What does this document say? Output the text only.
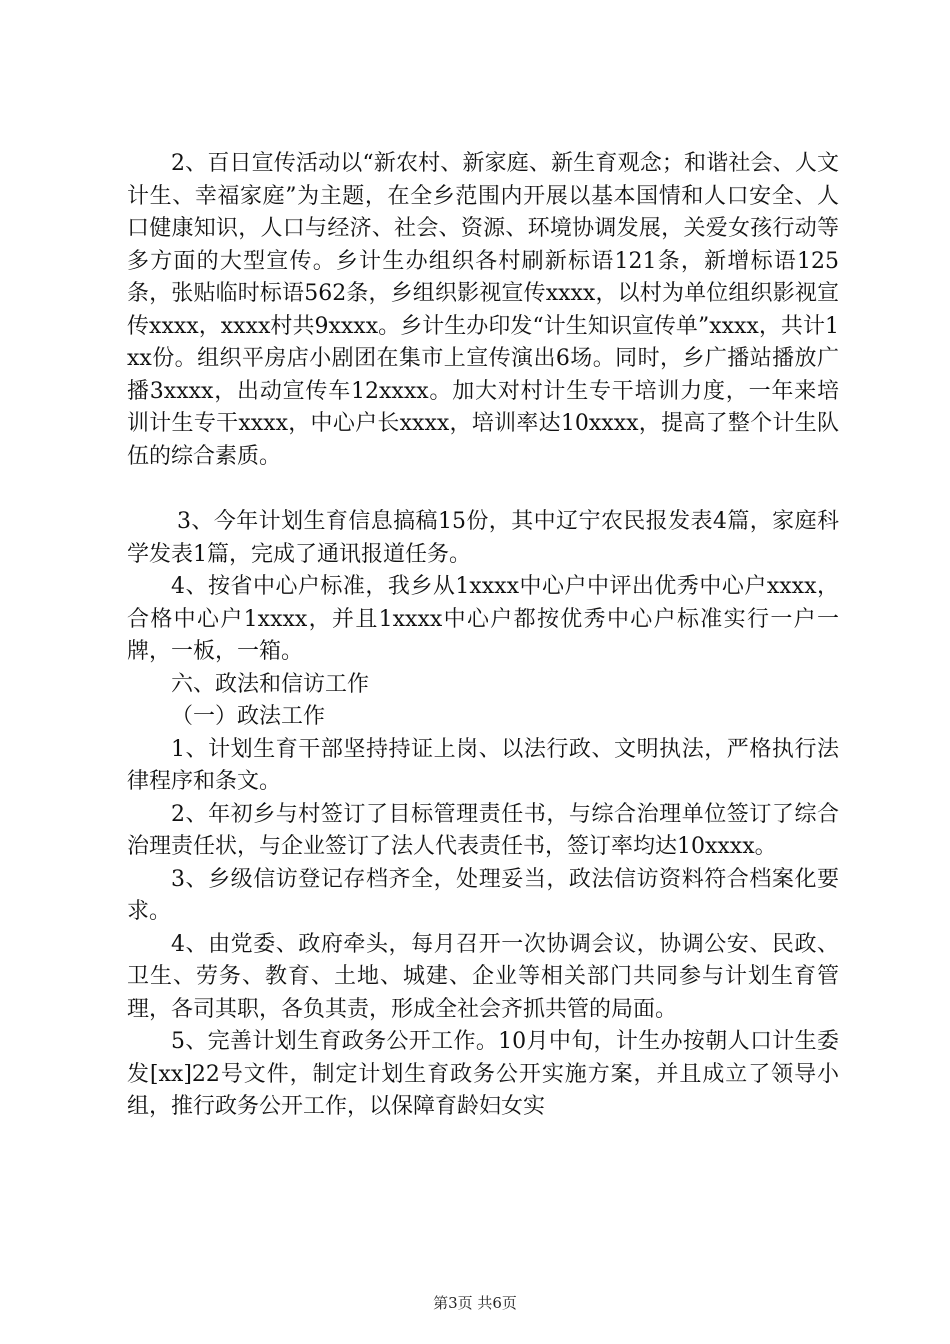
2、百日宣传活动以“新农村、新家庭、新生育观念；和谐社会、人文计生、幸福家庭”为主题，在全乡范围内开展以基本国情和人口安全、人口健康知识，人口与经济、社会、资源、环境协调发展，关爱女孩行动等多方面的大型宣传。乡计生办组织各村刷新标语121条，新增标语125条，张贴临时标语562条，乡组织影视宣传xxxx，以村为单位组织影视宣传xxxx，xxxx村共9xxxx。乡计生办印发“计生知识宣传单”xxxx，共计1xx份。组织平房店小剧团在集市上宣传演出6场。同时，乡广播站播放广播3xxxx，出动宣传车12xxxx。加大对村计生专干培训力度，一年来培训计生专干xxxx，中心户长xxxx，培训率达10xxxx，提高了整个计生队伍的综合素质。

3、今年计划生育信息搞稿15份，其中辽宁农民报发表4篇，家庭科学发表1篇，完成了通讯报道任务。

4、按省中心户标准，我乡从1xxxx中心户中评出优秀中心户xxxx，合格中心户1xxxx，并且1xxxx中心户都按优秀中心户标准实行一户一牌，一板，一箱。

六、政法和信访工作

（一）政法工作

1、计划生育干部坚持持证上岗、以法行政、文明执法，严格执行法律程序和条文。

2、年初乡与村签订了目标管理责任书，与综合治理单位签订了综合治理责任状，与企业签订了法人代表责任书，签订率均达10xxxx。

3、乡级信访登记存档齐全，处理妥当，政法信访资料符合档案化要求。

4、由党委、政府牵头，每月召开一次协调会议，协调公安、民政、卫生、劳务、教育、土地、城建、企业等相关部门共同参与计划生育管理，各司其职，各负其责，形成全社会齐抓共管的局面。

5、完善计划生育政务公开工作。10月中旬，计生办按朝人口计生委发[xx]22号文件，制定计划生育政务公开实施方案，并且成立了领导小组，推行政务公开工作，以保障育龄妇女实

第3页 共6页
